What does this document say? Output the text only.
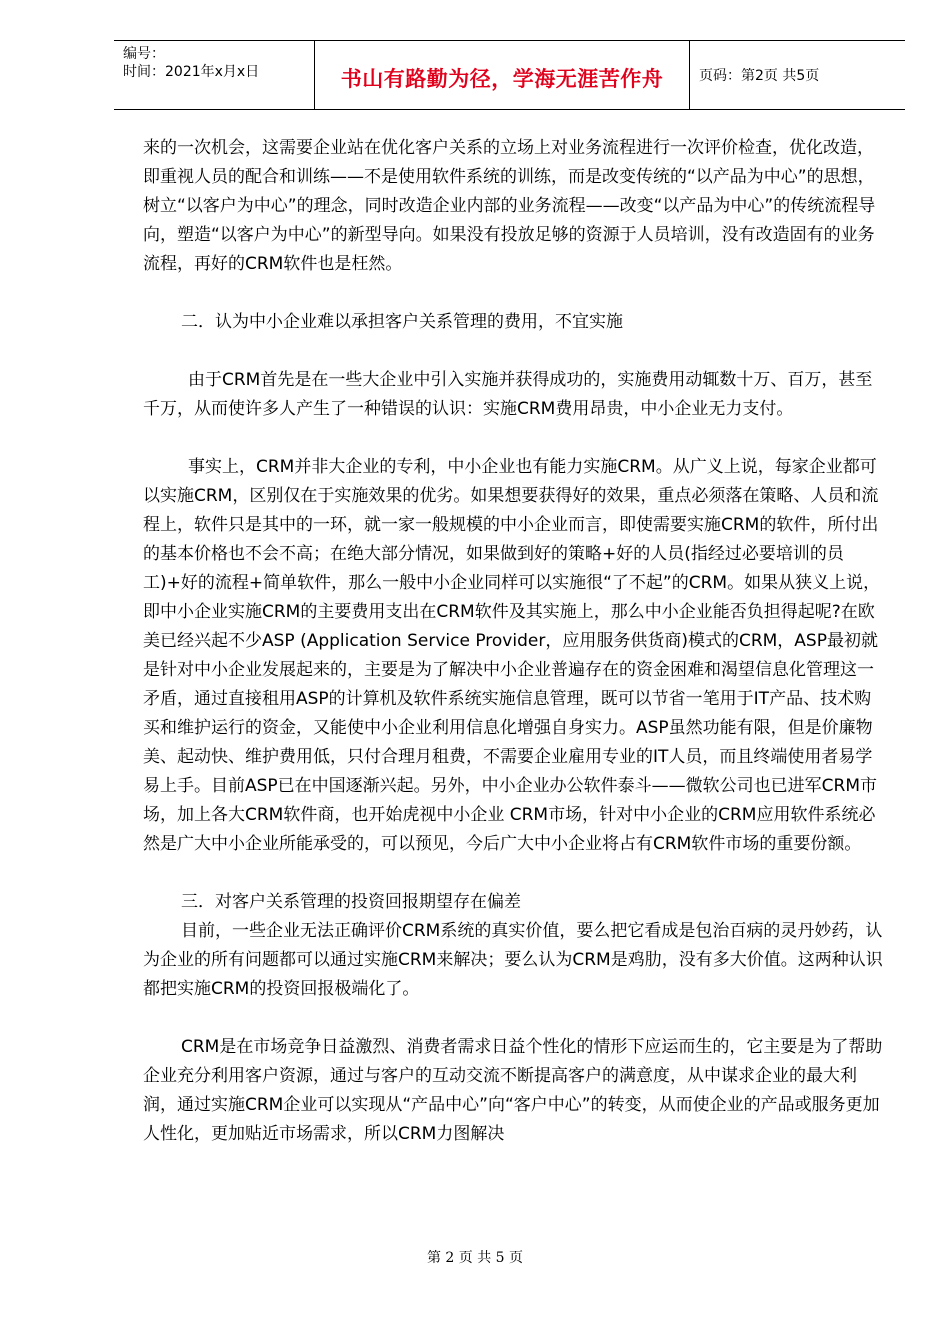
编号：
时间：2021年x月x日	书山有路勤为径，学海无涯苦作舟	页码：第2页 共5页

来的一次机会，这需要企业站在优化客户关系的立场上对业务流程进行一次评价检查，优化改造，即重视人员的配合和训练——不是使用软件系统的训练，而是改变传统的“以产品为中心”的思想，树立“以客户为中心”的理念，同时改造企业内部的业务流程——改变“以产品为中心”的传统流程导向，塑造“以客户为中心”的新型导向。如果没有投放足够的资源于人员培训，没有改造固有的业务流程，再好的CRM软件也是枉然。

二．认为中小企业难以承担客户关系管理的费用，不宜实施

由于CRM首先是在一些大企业中引入实施并获得成功的，实施费用动辄数十万、百万，甚至千万，从而使许多人产生了一种错误的认识：实施CRM费用昂贵，中小企业无力支付。

事实上，CRM并非大企业的专利，中小企业也有能力实施CRM。从广义上说，每家企业都可以实施CRM，区别仅在于实施效果的优劣。如果想要获得好的效果，重点必须落在策略、人员和流程上，软件只是其中的一环，就一家一般规模的中小企业而言，即使需要实施CRM的软件，所付出的基本价格也不会不高；在绝大部分情况，如果做到好的策略+好的人员(指经过必要培训的员工)+好的流程+简单软件，那么一般中小企业同样可以实施很“了不起”的CRM。如果从狭义上说，即中小企业实施CRM的主要费用支出在CRM软件及其实施上，那么中小企业能否负担得起呢?在欧美已经兴起不少ASP (Application Service Provider，应用服务供货商)模式的CRM，ASP最初就是针对中小企业发展起来的，主要是为了解决中小企业普遍存在的资金困难和渴望信息化管理这一矛盾，通过直接租用ASP的计算机及软件系统实施信息管理，既可以节省一笔用于IT产品、技术购买和维护运行的资金，又能使中小企业利用信息化增强自身实力。ASP虽然功能有限，但是价廉物美、起动快、维护费用低，只付合理月租费，不需要企业雇用专业的IT人员，而且终端使用者易学易上手。目前ASP已在中国逐渐兴起。另外，中小企业办公软件泰斗——微软公司也已进军CRM市场，加上各大CRM软件商，也开始虎视中小企业 CRM市场，针对中小企业的CRM应用软件系统必然是广大中小企业所能承受的，可以预见，今后广大中小企业将占有CRM软件市场的重要份额。

三．对客户关系管理的投资回报期望存在偏差

目前，一些企业无法正确评价CRM系统的真实价值，要么把它看成是包治百病的灵丹妙药，认为企业的所有问题都可以通过实施CRM来解决；要么认为CRM是鸡肋，没有多大价值。这两种认识都把实施CRM的投资回报极端化了。

CRM是在市场竞争日益激烈、消费者需求日益个性化的情形下应运而生的，它主要是为了帮助企业充分利用客户资源，通过与客户的互动交流不断提高客户的满意度，从中谋求企业的最大利润，通过实施CRM企业可以实现从“产品中心”向“客户中心”的转变，从而使企业的产品或服务更加人性化，更加贴近市场需求，所以CRM力图解决

第 2 页 共 5 页
